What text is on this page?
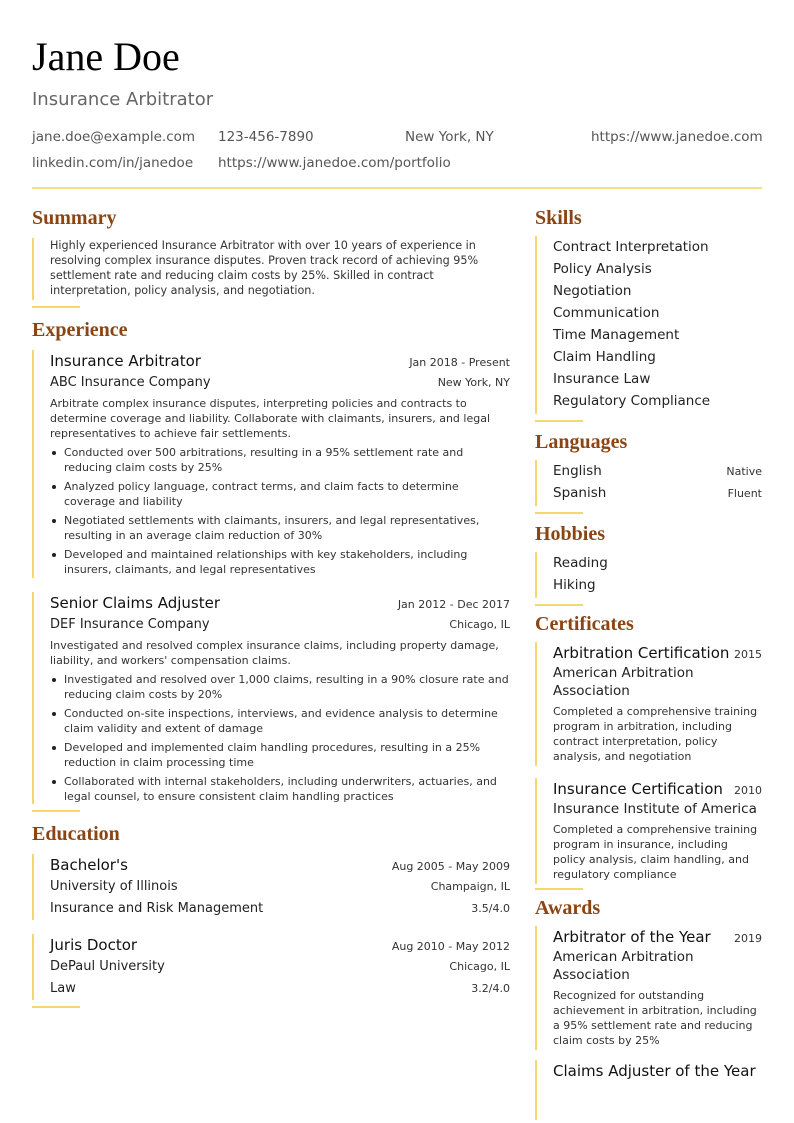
Jane Doe
Insurance Arbitrator
jane.doe@example.com 123-456-7890	New York, NY	https://www.janedoe.com
linkedin.com/in/janedoe https://www.janedoe.com/portfolio
Summary
Highly experienced Insurance Arbitrator with over 10 years of experience in resolving complex insurance disputes. Proven track record of achieving 95% settlement rate and reducing claim costs by 25%. Skilled in contract interpretation, policy analysis, and negotiation.
Experience
Insurance Arbitrator	Jan 2018 - Present
ABC Insurance Company	New York, NY
Arbitrate complex insurance disputes, interpreting policies and contracts to determine coverage and liability. Collaborate with claimants, insurers, and legal representatives to achieve fair settlements.
Conducted over 500 arbitrations, resulting in a 95% settlement rate and reducing claim costs by 25%
Analyzed policy language, contract terms, and claim facts to determine coverage and liability
Negotiated settlements with claimants, insurers, and legal representatives, resulting in an average claim reduction of 30%
Developed and maintained relationships with key stakeholders, including insurers, claimants, and legal representatives
Senior Claims Adjuster	Jan 2012 - Dec 2017
DEF Insurance Company	Chicago, IL
Investigated and resolved complex insurance claims, including property damage, liability, and workers' compensation claims.
Investigated and resolved over 1,000 claims, resulting in a 90% closure rate and reducing claim costs by 20%
Conducted on-site inspections, interviews, and evidence analysis to determine claim validity and extent of damage
Developed and implemented claim handling procedures, resulting in a 25% reduction in claim processing time
Collaborated with internal stakeholders, including underwriters, actuaries, and legal counsel, to ensure consistent claim handling practices
Education
Bachelor's	Aug 2005 - May 2009
University of Illinois	Champaign, IL
Insurance and Risk Management	3.5/4.0
Juris Doctor	Aug 2010 - May 2012
DePaul University	Chicago, IL
Law	3.2/4.0
Skills
Contract Interpretation
Policy Analysis
Negotiation
Communication
Time Management
Claim Handling
Insurance Law
Regulatory Compliance
Languages
English	Native
Spanish	Fluent
Hobbies
Reading
Hiking
Certificates
Arbitration Certification 2015
American Arbitration Association
Completed a comprehensive training program in arbitration, including contract interpretation, policy analysis, and negotiation
Insurance Certification 2010
Insurance Institute of America
Completed a comprehensive training program in insurance, including policy analysis, claim handling, and regulatory compliance
Awards
Arbitrator of the Year 2019
American Arbitration Association
Recognized for outstanding achievement in arbitration, including a 95% settlement rate and reducing claim costs by 25%
Claims Adjuster of the Year
